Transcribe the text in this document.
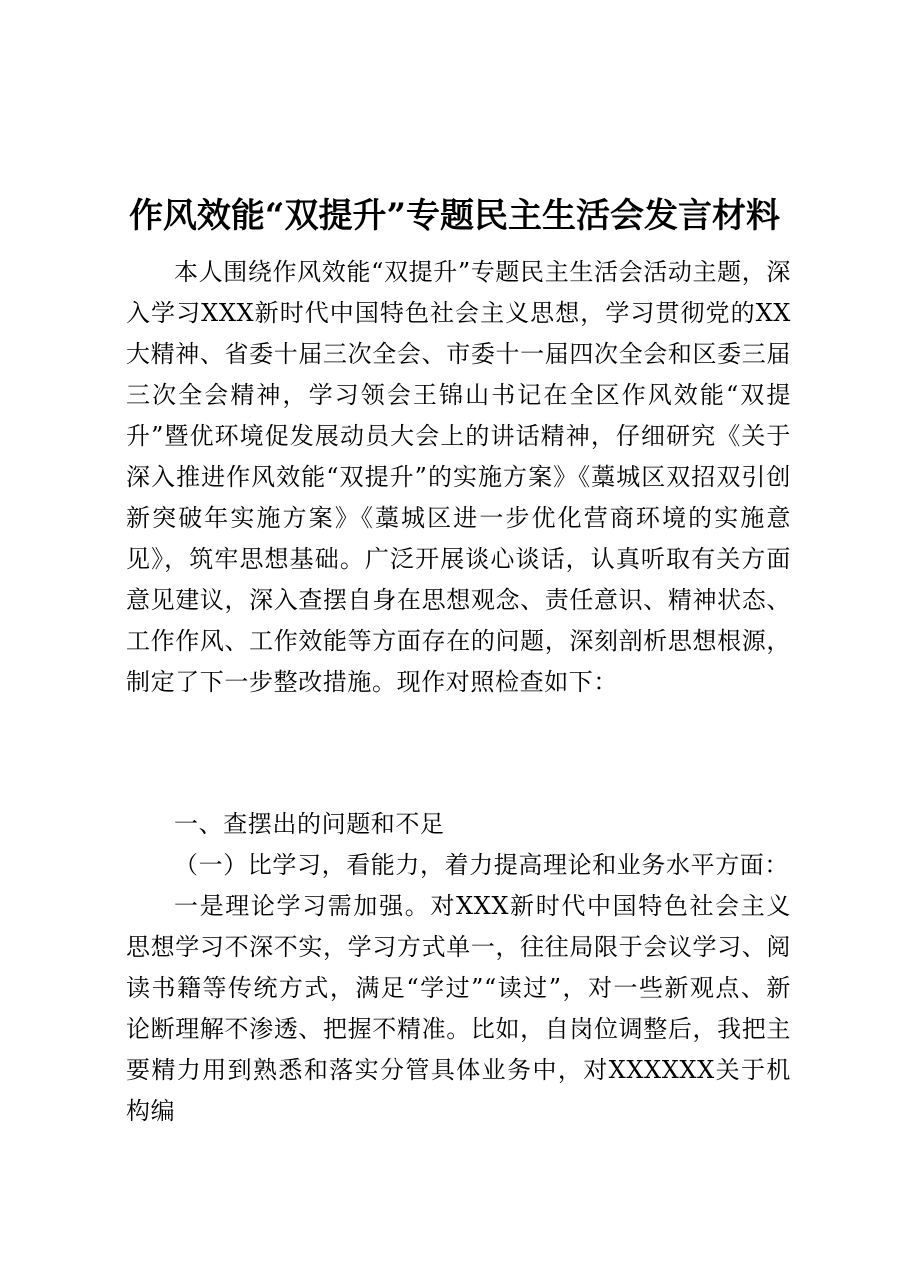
作风效能“双提升”专题民主生活会发言材料

本人围绕作风效能“双提升”专题民主生活会活动主题，深入学习XXX新时代中国特色社会主义思想，学习贯彻党的XX大精神、省委十届三次全会、市委十一届四次全会和区委三届三次全会精神，学习领会王锦山书记在全区作风效能“双提升”暨优环境促发展动员大会上的讲话精神，仔细研究《关于深入推进作风效能“双提升”的实施方案》《藁城区双招双引创新突破年实施方案》《藁城区进一步优化营商环境的实施意见》，筑牢思想基础。广泛开展谈心谈话，认真听取有关方面意见建议，深入查摆自身在思想观念、责任意识、精神状态、工作作风、工作效能等方面存在的问题，深刻剖析思想根源，制定了下一步整改措施。现作对照检查如下：

一、查摆出的问题和不足

（一）比学习，看能力，着力提高理论和业务水平方面：

一是理论学习需加强。对XXX新时代中国特色社会主义思想学习不深不实，学习方式单一，往往局限于会议学习、阅读书籍等传统方式，满足“学过”“读过”，对一些新观点、新论断理解不渗透、把握不精准。比如，自岗位调整后，我把主要精力用到熟悉和落实分管具体业务中，对XXXXXX关于机构编
